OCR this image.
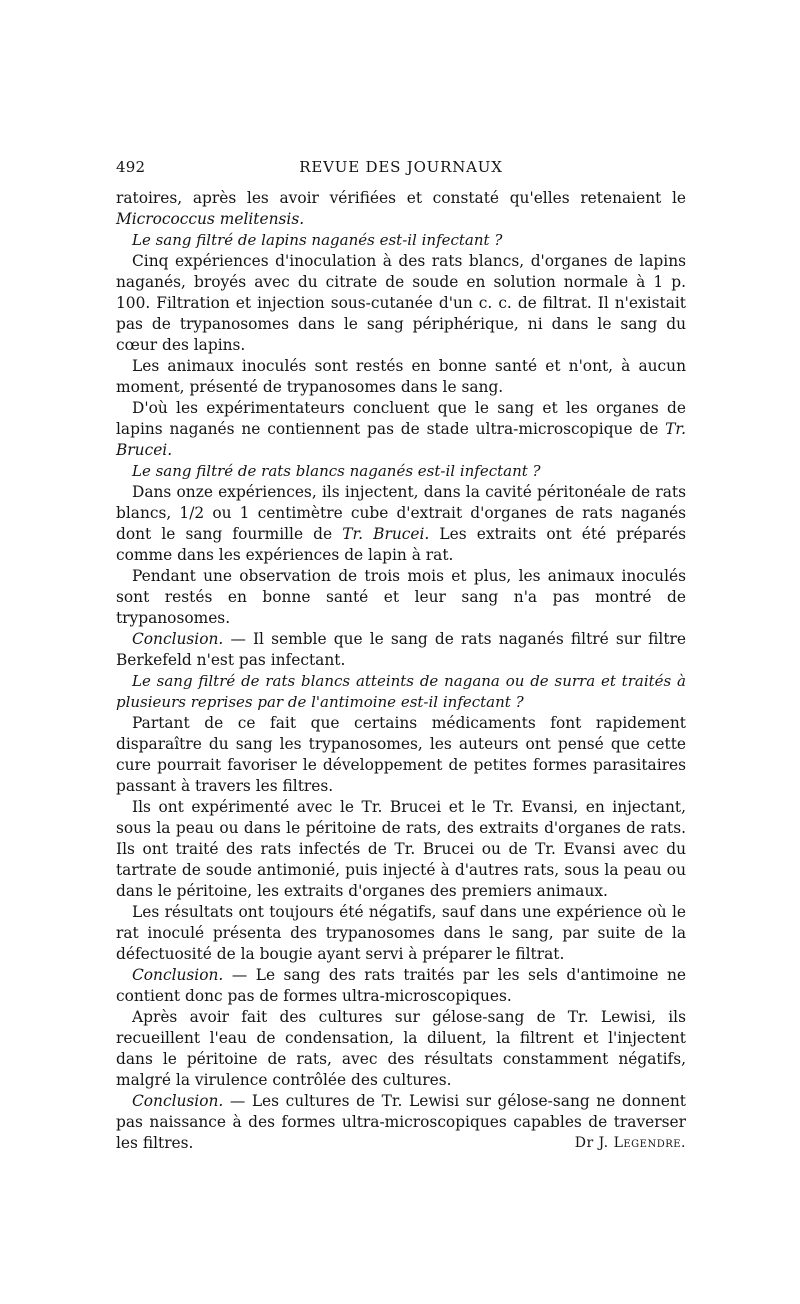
492	REVUE DES JOURNAUX

ratoires, après les avoir vérifiées et constaté qu'elles retenaient le Micrococcus melitensis.

Le sang filtré de lapins naganés est-il infectant ?

Cinq expériences d'inoculation à des rats blancs, d'organes de lapins naganés, broyés avec du citrate de soude en solution normale à 1 p. 100. Filtration et injection sous-cutanée d'un c. c. de filtrat. Il n'existait pas de trypanosomes dans le sang périphérique, ni dans le sang du cœur des lapins.

Les animaux inoculés sont restés en bonne santé et n'ont, à aucun moment, présenté de trypanosomes dans le sang.

D'où les expérimentateurs concluent que le sang et les organes de lapins naganés ne contiennent pas de stade ultra-microscopique de Tr. Brucei.

Le sang filtré de rats blancs naganés est-il infectant ?

Dans onze expériences, ils injectent, dans la cavité péritonéale de rats blancs, 1/2 ou 1 centimètre cube d'extrait d'organes de rats naganés dont le sang fourmille de Tr. Brucei. Les extraits ont été préparés comme dans les expériences de lapin à rat.

Pendant une observation de trois mois et plus, les animaux inoculés sont restés en bonne santé et leur sang n'a pas montré de trypanosomes.

Conclusion. — Il semble que le sang de rats naganés filtré sur filtre Berkefeld n'est pas infectant.

Le sang filtré de rats blancs atteints de nagana ou de surra et traités à plusieurs reprises par de l'antimoine est-il infectant ?

Partant de ce fait que certains médicaments font rapidement disparaître du sang les trypanosomes, les auteurs ont pensé que cette cure pourrait favoriser le développement de petites formes parasitaires passant à travers les filtres.

Ils ont expérimenté avec le Tr. Brucei et le Tr. Evansi, en injectant, sous la peau ou dans le péritoine de rats, des extraits d'organes de rats. Ils ont traité des rats infectés de Tr. Brucei ou de Tr. Evansi avec du tartrate de soude antimonié, puis injecté à d'autres rats, sous la peau ou dans le péritoine, les extraits d'organes des premiers animaux.

Les résultats ont toujours été négatifs, sauf dans une expérience où le rat inoculé présenta des trypanosomes dans le sang, par suite de la défectuosité de la bougie ayant servi à préparer le filtrat.

Conclusion. — Le sang des rats traités par les sels d'antimoine ne contient donc pas de formes ultra-microscopiques.

Après avoir fait des cultures sur gélose-sang de Tr. Lewisi, ils recueillent l'eau de condensation, la diluent, la filtrent et l'injectent dans le péritoine de rats, avec des résultats constamment négatifs, malgré la virulence contrôlée des cultures.

Conclusion. — Les cultures de Tr. Lewisi sur gélose-sang ne donnent pas naissance à des formes ultra-microscopiques capables de traverser les filtres.	Dr J. Legendre.
